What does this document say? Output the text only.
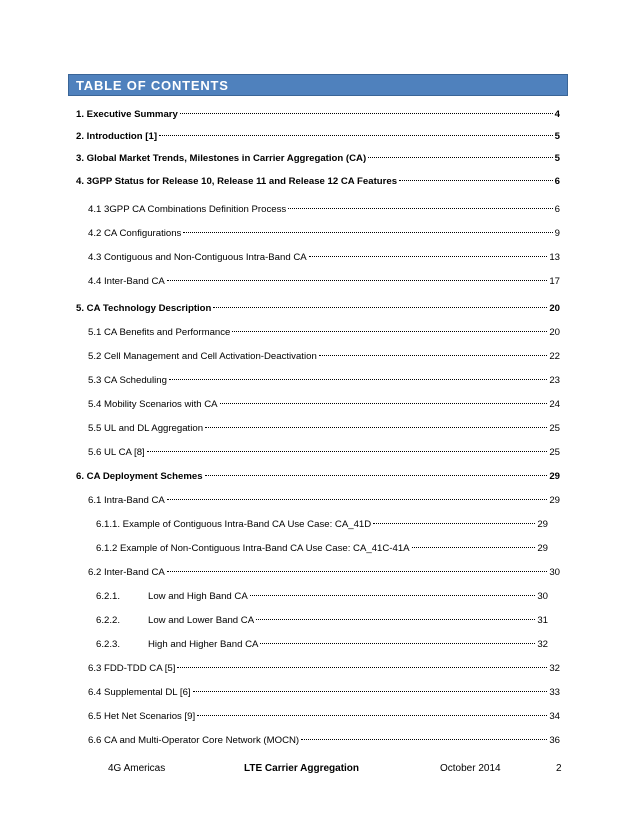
TABLE OF CONTENTS
1. Executive Summary	4
2. Introduction [1]	5
3. Global Market Trends, Milestones in Carrier Aggregation (CA)	5
4. 3GPP Status for Release 10, Release 11 and Release 12 CA Features	6
4.1 3GPP CA Combinations Definition Process	6
4.2 CA Configurations	9
4.3 Contiguous and Non-Contiguous Intra-Band CA	13
4.4 Inter-Band CA	17
5. CA Technology Description	20
5.1 CA Benefits and Performance	20
5.2 Cell Management and Cell Activation-Deactivation	22
5.3 CA Scheduling	23
5.4 Mobility Scenarios with CA	24
5.5 UL and DL Aggregation	25
5.6 UL CA [8]	25
6. CA Deployment Schemes	29
6.1 Intra-Band CA	29
6.1.1. Example of Contiguous Intra-Band CA Use Case: CA_41D	29
6.1.2 Example of Non-Contiguous Intra-Band CA Use Case: CA_41C-41A	29
6.2 Inter-Band CA	30
6.2.1.	Low and High Band CA	30
6.2.2.	Low and Lower Band CA	31
6.2.3.	High and Higher Band CA	32
6.3 FDD-TDD CA [5]	32
6.4 Supplemental DL [6]	33
6.5 Het Net Scenarios [9]	34
6.6 CA and Multi-Operator Core Network (MOCN)	36
4G Americas	LTE Carrier Aggregation	October 2014	2
